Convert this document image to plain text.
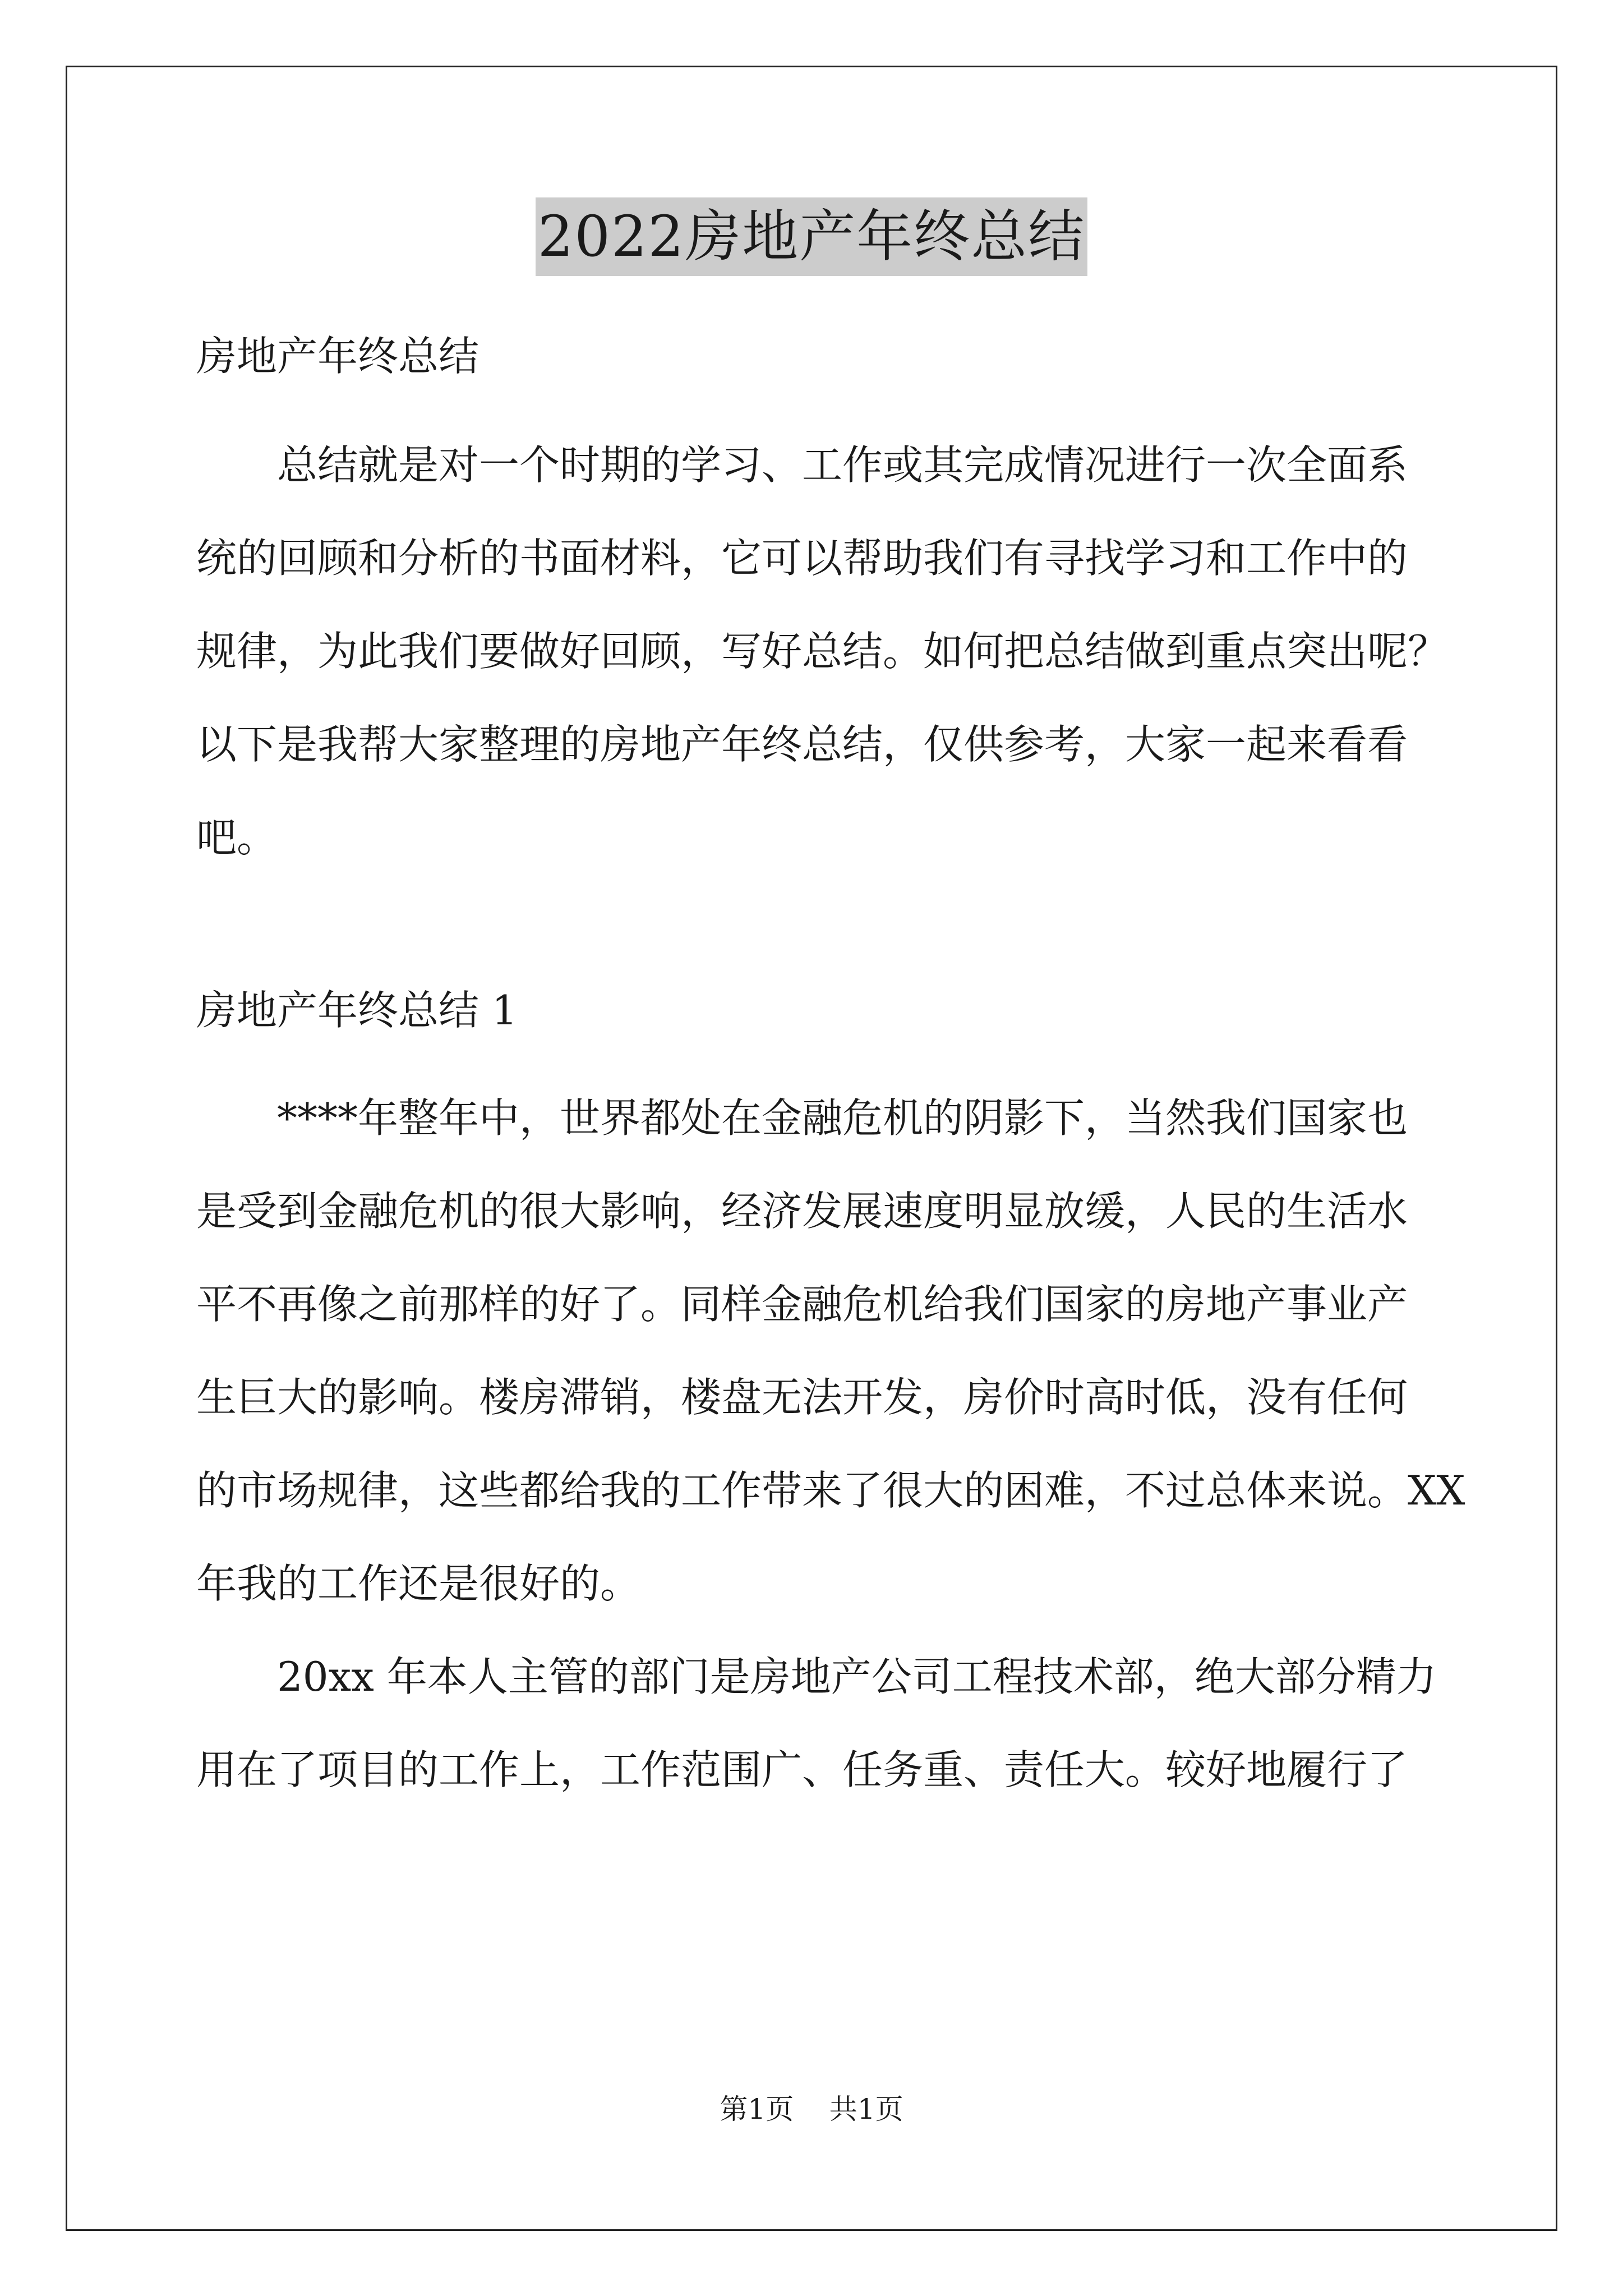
2022房地产年终总结

房地产年终总结

总结就是对一个时期的学习、工作或其完成情况进行一次全面系

统的回顾和分析的书面材料，它可以帮助我们有寻找学习和工作中的

规律，为此我们要做好回顾，写好总结。如何把总结做到重点突出呢？

以下是我帮大家整理的房地产年终总结，仅供参考，大家一起来看看

吧。

房地产年终总结 1

****年整年中，世界都处在金融危机的阴影下，当然我们国家也

是受到金融危机的很大影响，经济发展速度明显放缓，人民的生活水

平不再像之前那样的好了。同样金融危机给我们国家的房地产事业产

生巨大的影响。楼房滞销，楼盘无法开发，房价时高时低，没有任何

的市场规律，这些都给我的工作带来了很大的困难，不过总体来说。XX

年我的工作还是很好的。

20xx 年本人主管的部门是房地产公司工程技术部，绝大部分精力

用在了项目的工作上，工作范围广、任务重、责任大。较好地履行了

第1页 共1页
